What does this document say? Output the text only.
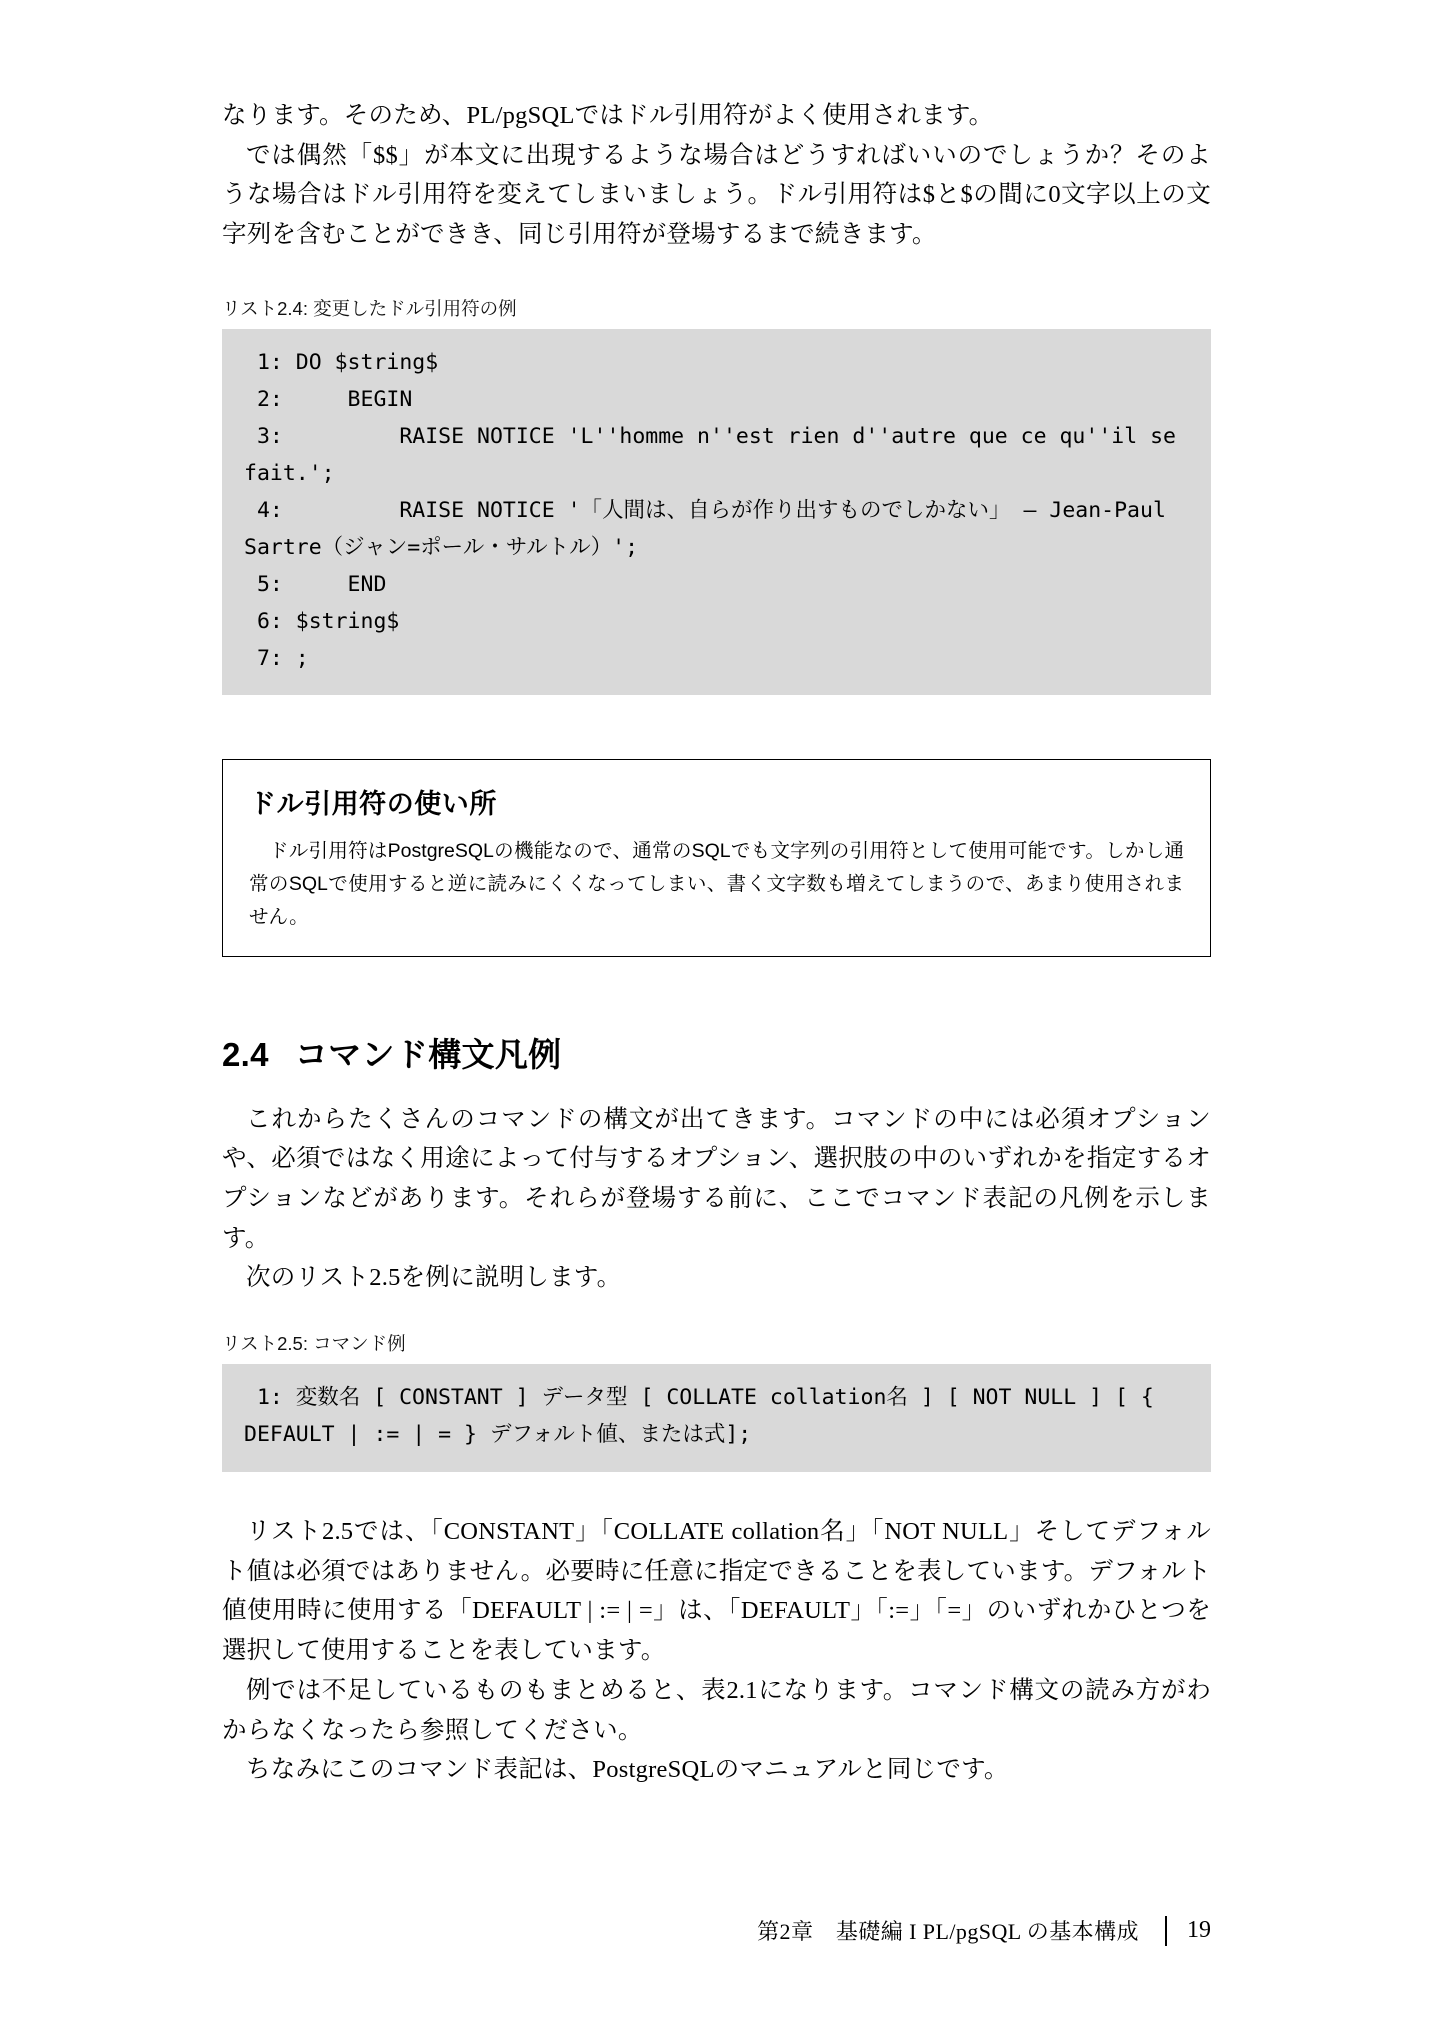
なります。そのため、PL/pgSQLではドル引用符がよく使用されます。

では偶然「$$」が本文に出現するような場合はどうすればいいのでしょうか？そのような場合はドル引用符を変えてしまいましょう。ドル引用符は$と$の間に0文字以上の文字列を含むことができき、同じ引用符が登場するまで続きます。

リスト2.4: 変更したドル引用符の例
1: DO $string$
2:     BEGIN
3:         RAISE NOTICE 'L''homme n''est rien d''autre que ce qu''il se fait.';
4:         RAISE NOTICE '「人間は、自らが作り出すものでしかない」 – Jean-Paul Sartre（ジャン=ポール・サルトル）';
5:     END
6: $string$
7: ;
ドル引用符の使い所

ドル引用符はPostgreSQLの機能なので、通常のSQLでも文字列の引用符として使用可能です。しかし通常のSQLで使用すると逆に読みにくくなってしまい、書く文字数も増えてしまうので、あまり使用されません。

2.4 コマンド構文凡例

これからたくさんのコマンドの構文が出てきます。コマンドの中には必須オプションや、必須ではなく用途によって付与するオプション、選択肢の中のいずれかを指定するオプションなどがあります。それらが登場する前に、ここでコマンド表記の凡例を示します。

次のリスト2.5を例に説明します。

リスト2.5: コマンド例
1: 変数名 [ CONSTANT ] データ型 [ COLLATE collation名 ] [ NOT NULL ] [ { DEFAULT | := | = } デフォルト値、または式];

リスト2.5では、「CONSTANT」「COLLATE collation名」「NOT NULL」そしてデフォルト値は必須ではありません。必要時に任意に指定できることを表しています。デフォルト値使用時に使用する「DEFAULT | := | =」は、「DEFAULT」「:=」「=」のいずれかひとつを選択して使用することを表しています。

例では不足しているものもまとめると、表2.1になります。コマンド構文の読み方がわからなくなったら参照してください。

ちなみにこのコマンド表記は、PostgreSQLのマニュアルと同じです。

第2章　基礎編 I PL/pgSQL の基本構成 19
